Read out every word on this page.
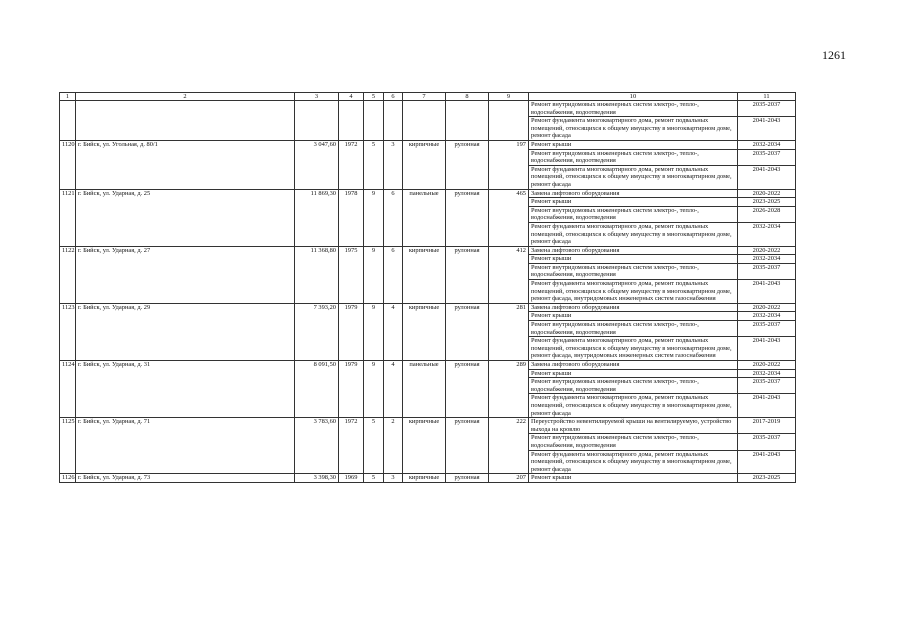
1261
1	2	3	4	5	6	7	8	9	10	11
									Ремонт внутридомовых инженерных систем электро-, тепло-, водоснабжения, водоотведения	2035-2037
									Ремонт фундамента многоквартирного дома, ремонт подвальных помещений, относящихся к общему имуществу в многоквартирном доме, ремонт фасада	2041-2043
1120	г. Бийск, ул. Угольная, д. 80/1	3 047,60	1972	5	3	кирпичные	рулонная	197	Ремонт крыши	2032-2034
									Ремонт внутридомовых инженерных систем электро-, тепло-, водоснабжения, водоотведения	2035-2037
									Ремонт фундамента многоквартирного дома, ремонт подвальных помещений, относящихся к общему имуществу в многоквартирном доме, ремонт фасада	2041-2043
1121	г. Бийск, ул. Ударная, д. 25	11 869,30	1978	9	6	панельные	рулонная	465	Замена лифтового оборудования	2020-2022
									Ремонт крыши	2023-2025
									Ремонт внутридомовых инженерных систем электро-, тепло-, водоснабжения, водоотведения	2026-2028
									Ремонт фундамента многоквартирного дома, ремонт подвальных помещений, относящихся к общему имуществу в многоквартирном доме, ремонт фасада	2032-2034
1122	г. Бийск, ул. Ударная, д. 27	11 368,80	1975	9	6	кирпичные	рулонная	412	Замена лифтового оборудования	2020-2022
									Ремонт крыши	2032-2034
									Ремонт внутридомовых инженерных систем электро-, тепло-, водоснабжения, водоотведения	2035-2037
									Ремонт фундамента многоквартирного дома, ремонт подвальных помещений, относящихся к общему имуществу в многоквартирном доме, ремонт фасада, внутридомовых инженерных систем газоснабжения	2041-2043
1123	г. Бийск, ул. Ударная, д. 29	7 393,20	1979	9	4	кирпичные	рулонная	281	Замена лифтового оборудования	2020-2022
									Ремонт крыши	2032-2034
									Ремонт внутридомовых инженерных систем электро-, тепло-, водоснабжения, водоотведения	2035-2037
									Ремонт фундамента многоквартирного дома, ремонт подвальных помещений, относящихся к общему имуществу в многоквартирном доме, ремонт фасада, внутридомовых инженерных систем газоснабжения	2041-2043
1124	г. Бийск, ул. Ударная, д. 31	8 091,50	1979	9	4	панельные	рулонная	289	Замена лифтового оборудования	2020-2022
									Ремонт крыши	2032-2034
									Ремонт внутридомовых инженерных систем электро-, тепло-, водоснабжения, водоотведения	2035-2037
									Ремонт фундамента многоквартирного дома, ремонт подвальных помещений, относящихся к общему имуществу в многоквартирном доме, ремонт фасада	2041-2043
1125	г. Бийск, ул. Ударная, д. 71	3 783,60	1972	5	2	кирпичные	рулонная	222	Переустройство невентилируемой крыши на вентилируемую, устройство выхода на кровлю	2017-2019
									Ремонт внутридомовых инженерных систем электро-, тепло-, водоснабжения, водоотведения	2035-2037
									Ремонт фундамента многоквартирного дома, ремонт подвальных помещений, относящихся к общему имуществу в многоквартирном доме, ремонт фасада	2041-2043
1126	г. Бийск, ул. Ударная, д. 73	3 398,30	1969	5	3	кирпичные	рулонная	207	Ремонт крыши	2023-2025
